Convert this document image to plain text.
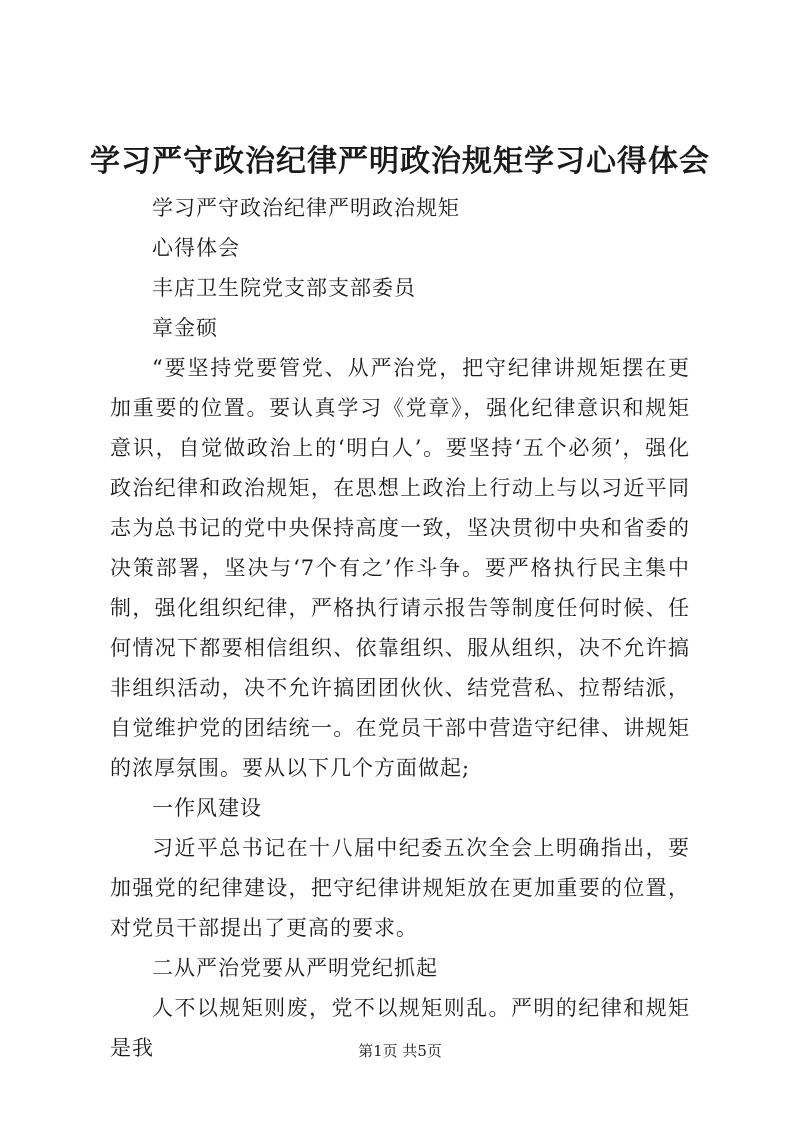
学习严守政治纪律严明政治规矩学习心得体会

学习严守政治纪律严明政治规矩

心得体会

丰店卫生院党支部支部委员

章金硕

“要坚持党要管党、从严治党，把守纪律讲规矩摆在更加重要的位置。要认真学习《党章》，强化纪律意识和规矩意识，自觉做政治上的‘明白人’。要坚持‘五个必须’，强化政治纪律和政治规矩，在思想上政治上行动上与以习近平同志为总书记的党中央保持高度一致，坚决贯彻中央和省委的决策部署，坚决与‘7个有之’作斗争。要严格执行民主集中制，强化组织纪律，严格执行请示报告等制度任何时候、任何情况下都要相信组织、依靠组织、服从组织，决不允许搞非组织活动，决不允许搞团团伙伙、结党营私、拉帮结派，自觉维护党的团结统一。在党员干部中营造守纪律、讲规矩的浓厚氛围。要从以下几个方面做起;

一作风建设

习近平总书记在十八届中纪委五次全会上明确指出，要加强党的纪律建设，把守纪律讲规矩放在更加重要的位置，对党员干部提出了更高的要求。

二从严治党要从严明党纪抓起

人不以规矩则废，党不以规矩则乱。严明的纪律和规矩是我	第1页 共5页
